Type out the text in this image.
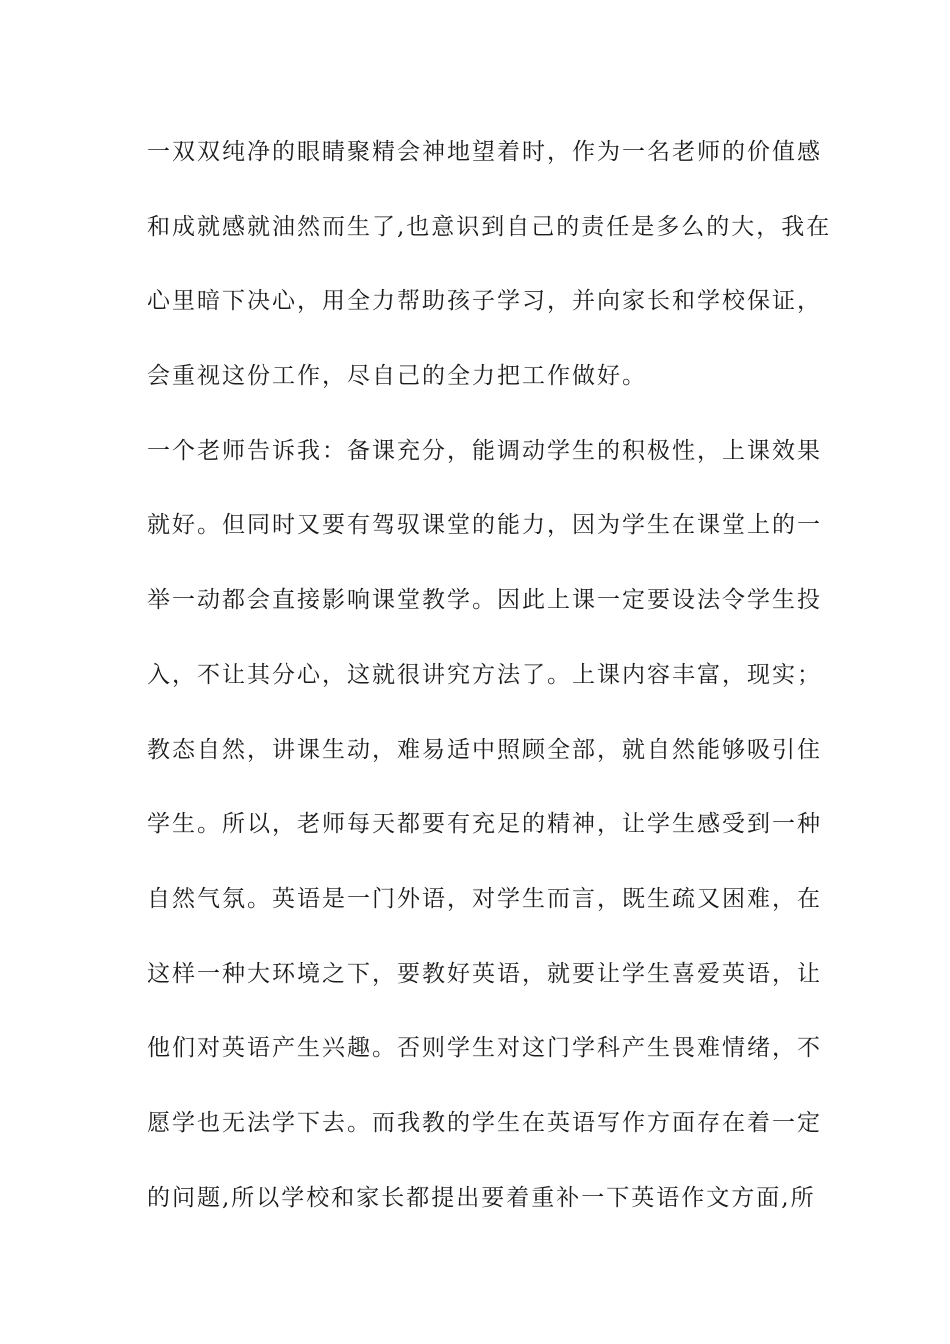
一双双纯净的眼睛聚精会神地望着时，作为一名老师的价值感
和成就感就油然而生了,也意识到自己的责任是多么的大，我在
心里暗下决心，用全力帮助孩子学习，并向家长和学校保证，
会重视这份工作，尽自己的全力把工作做好。
一个老师告诉我：备课充分，能调动学生的积极性，上课效果
就好。但同时又要有驾驭课堂的能力，因为学生在课堂上的一
举一动都会直接影响课堂教学。因此上课一定要设法令学生投
入，不让其分心，这就很讲究方法了。上课内容丰富，现实；
教态自然，讲课生动，难易适中照顾全部，就自然能够吸引住
学生。所以，老师每天都要有充足的精神，让学生感受到一种
自然气氛。英语是一门外语，对学生而言，既生疏又困难，在
这样一种大环境之下，要教好英语，就要让学生喜爱英语，让
他们对英语产生兴趣。否则学生对这门学科产生畏难情绪，不
愿学也无法学下去。而我教的学生在英语写作方面存在着一定
的问题,所以学校和家长都提出要着重补一下英语作文方面,所
